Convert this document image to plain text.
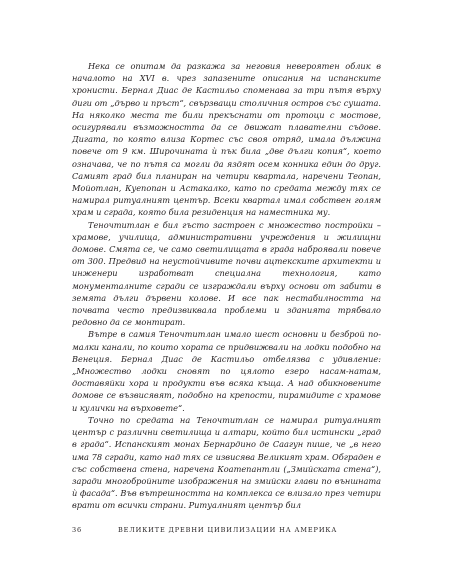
Нека се опитам да разкажа за неговия невероятен облик в началото на XVI в. чрез запазените описания на испанските хронисти. Бернал Диас де Кастильо споменава за три пътя върху диги от „дърво и пръст“, свързващи столичния остров със сушата. На няколко места те били прекъснати от протоци с мостове, осигурявали възможността да се движат плавателни съдове. Дигата, по която влиза Кортес със своя отряд, имала дължина повече от 9 км. Широчината ѝ пък била „две дълги копия“, което означава, че по пътя са могли да яздят осем конника един до друг. Самият град бил планиран на четири квартала, наречени Теопан, Мойотлан, Куепопан и Астакалко, като по средата между тях се намирал ритуалният център. Всеки квартал имал собствен голям храм и сграда, която била резиденция на наместника му.

Теночтитлан е бил гъсто застроен с множество постройки – храмове, училища, административни учреждения и жилищни домове. Смята се, че само светилищата в града наброявали повече от 300. Предвид на неустойчивите почви ацтекските архитекти и инженери изработват специална технология, като монументалните сгради се изграждали върху основи от забити в земята дълги дървени колове. И все пак нестабилността на почвата често предизвиквала проблеми и зданията трябвало редовно да се монтират.

Вътре в самия Теночтитлан имало шест основни и безброй по-малки канали, по които хората се придвижвали на лодки подобно на Венеция. Бернал Диас де Кастильо отбелязва с удивление: „Множество лодки сновят по цялото езеро насам-натам, доставяйки хора и продукти във всяка къща. А над обикновените домове се възвисявят, подобно на крепости, пирамидите с храмове и кулички на върховете“.

Точно по средата на Теночтитлан се намирал ритуалният център с различни светилища и алтари, който бил истински „град в града“. Испанският монах Бернардино де Саагун пише, че „в него има 78 сгради, като над тях се извисява Великият храм. Обграден е със собствена стена, наречена Коатепантли („Змийската стена“), заради многобройните изображения на змийски глави по външната ѝ фасада“. Във вътрешността на комплекса се влизало през четири врати от всички страни. Ритуалният център бил

36	ВЕЛИКИТЕ ДРЕВНИ ЦИВИЛИЗАЦИИ НА АМЕРИКА
